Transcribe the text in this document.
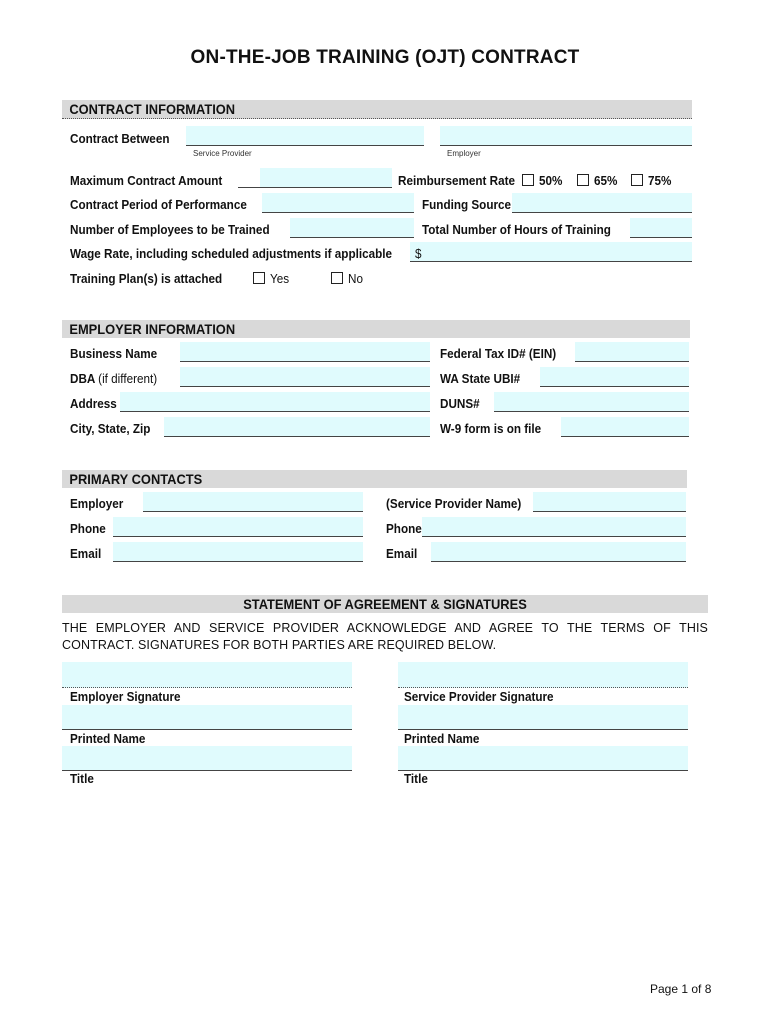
ON-THE-JOB TRAINING (OJT) CONTRACT
CONTRACT INFORMATION
Contract Between
Service Provider	Employer
Maximum Contract Amount	Reimbursement Rate 50% 65% 75%
Contract Period of Performance	Funding Source
Number of Employees to be Trained	Total Number of Hours of Training
Wage Rate, including scheduled adjustments if applicable $
Training Plan(s) is attached	Yes	No
EMPLOYER INFORMATION
Business Name	Federal Tax ID# (EIN)
DBA (if different)	WA State UBI#
Address	DUNS#
City, State, Zip	W-9 form is on file
PRIMARY CONTACTS
Employer	(Service Provider Name)
Phone	Phone
Email	Email
STATEMENT OF AGREEMENT & SIGNATURES
THE EMPLOYER AND SERVICE PROVIDER ACKNOWLEDGE AND AGREE TO THE TERMS OF THIS CONTRACT. SIGNATURES FOR BOTH PARTIES ARE REQUIRED BELOW.
Employer Signature	Service Provider Signature
Printed Name	Printed Name
Title	Title
Page 1 of 8
